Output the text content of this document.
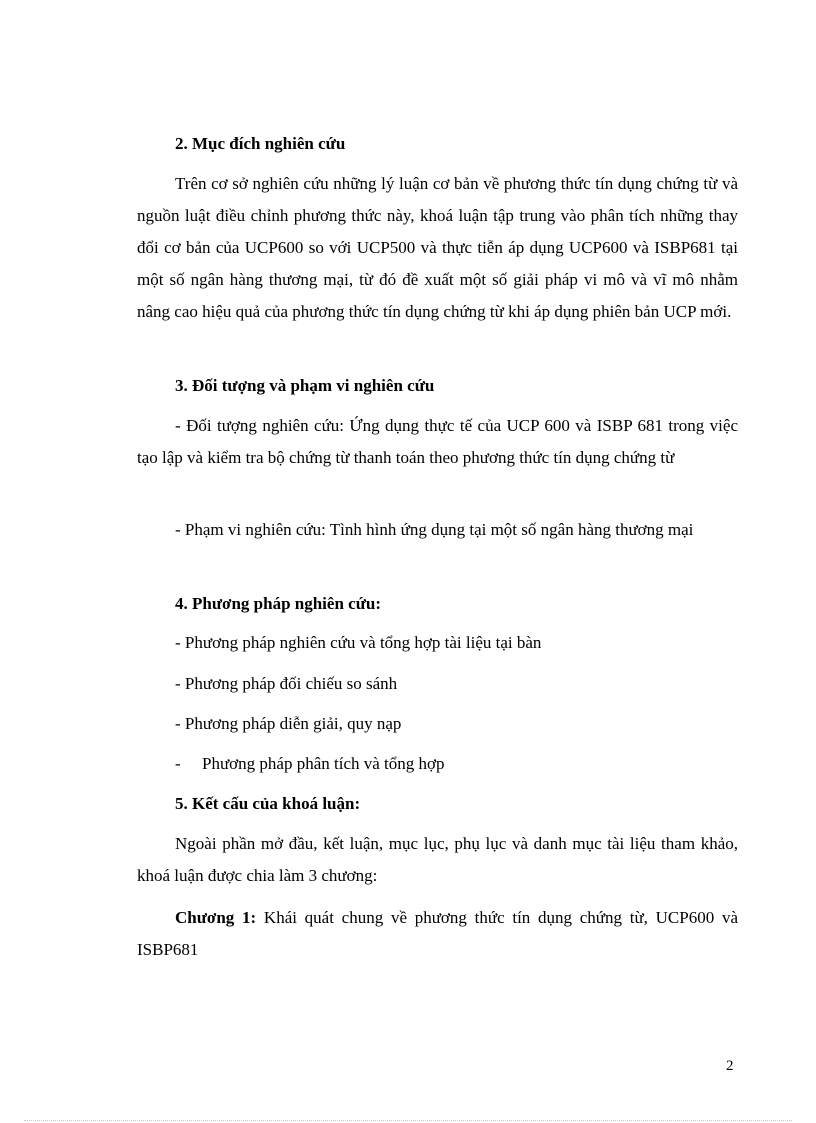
2. Mục đích nghiên cứu

Trên cơ sở nghiên cứu những lý luận cơ bản về phương thức tín dụng chứng từ và nguồn luật điều chỉnh phương thức này, khoá luận tập trung vào phân tích những thay đổi cơ bản của UCP600 so với UCP500 và thực tiễn áp dụng UCP600 và ISBP681 tại một số ngân hàng thương mại, từ đó đề xuất một số giải pháp vi mô và vĩ mô nhằm nâng cao hiệu quả của phương thức tín dụng chứng từ khi áp dụng phiên bản UCP mới.

3. Đối tượng và phạm vi nghiên cứu

- Đối tượng nghiên cứu: Ứng dụng thực tế của UCP 600 và ISBP 681 trong việc tạo lập và kiểm tra bộ chứng từ thanh toán theo phương thức tín dụng chứng từ

- Phạm vi nghiên cứu: Tình hình ứng dụng tại một số ngân hàng thương mại

4. Phương pháp nghiên cứu:

- Phương pháp nghiên cứu và tổng hợp tài liệu tại bàn

- Phương pháp đối chiếu so sánh

- Phương pháp diễn giải, quy nạp

- Phương pháp phân tích và tổng hợp

5. Kết cấu của khoá luận:

Ngoài phần mở đầu, kết luận, mục lục, phụ lục và danh mục tài liệu tham khảo, khoá luận được chia làm 3 chương:

Chương 1: Khái quát chung về phương thức tín dụng chứng từ, UCP600 và ISBP681

2
